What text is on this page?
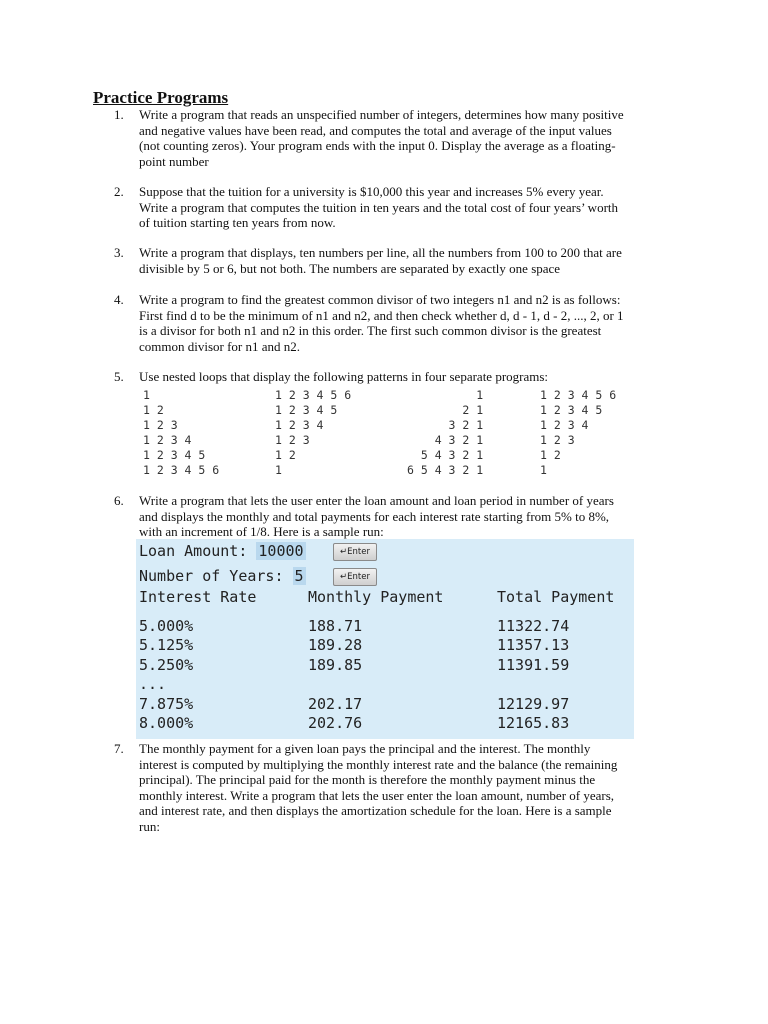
Practice Programs
1.	Write a program that reads an unspecified number of integers, determines how many positive
and negative values have been read, and computes the total and average of the input values
(not counting zeros). Your program ends with the input 0. Display the average as a floating-
point number
2.	Suppose that the tuition for a university is $10,000 this year and increases 5% every year.
Write a program that computes the tuition in ten years and the total cost of four years’ worth
of tuition starting ten years from now.
3.	Write a program that displays, ten numbers per line, all the numbers from 100 to 200 that are
divisible by 5 or 6, but not both. The numbers are separated by exactly one space
4.	Write a program to find the greatest common divisor of two integers n1 and n2 is as follows:
First find d to be the minimum of n1 and n2, and then check whether d, d - 1, d - 2, ..., 2, or 1
is a divisor for both n1 and n2 in this order. The first such common divisor is the greatest
common divisor for n1 and n2.
5.	Use nested loops that display the following patterns in four separate programs:
6.	Write a program that lets the user enter the loan amount and loan period in number of years
and displays the monthly and total payments for each interest rate starting from 5% to 8%,
with an increment of 1/8. Here is a sample run:
7.	The monthly payment for a given loan pays the principal and the interest. The monthly
interest is computed by multiplying the monthly interest rate and the balance (the remaining
principal). The principal paid for the month is therefore the monthly payment minus the
monthly interest. Write a program that lets the user enter the loan amount, number of years,
and interest rate, and then displays the amortization schedule for the loan. Here is a sample
run:
1
1 2
1 2 3
1 2 3 4
1 2 3 4 5
1 2 3 4 5 6
1 2 3 4 5 6
1 2 3 4 5
1 2 3 4
1 2 3
1 2
1
1
2 1
3 2 1
4 3 2 1
5 4 3 2 1
6 5 4 3 2 1
1 2 3 4 5 6
1 2 3 4 5
1 2 3 4
1 2 3
1 2
1
Loan Amount: 10000	↵Enter
Number of Years: 5	↵Enter
Interest Rate	Monthly Payment	Total Payment
5.000%	188.71	11322.74
5.125%	189.28	11357.13
5.250%	189.85	11391.59
...
7.875%	202.17	12129.97
8.000%	202.76	12165.83
